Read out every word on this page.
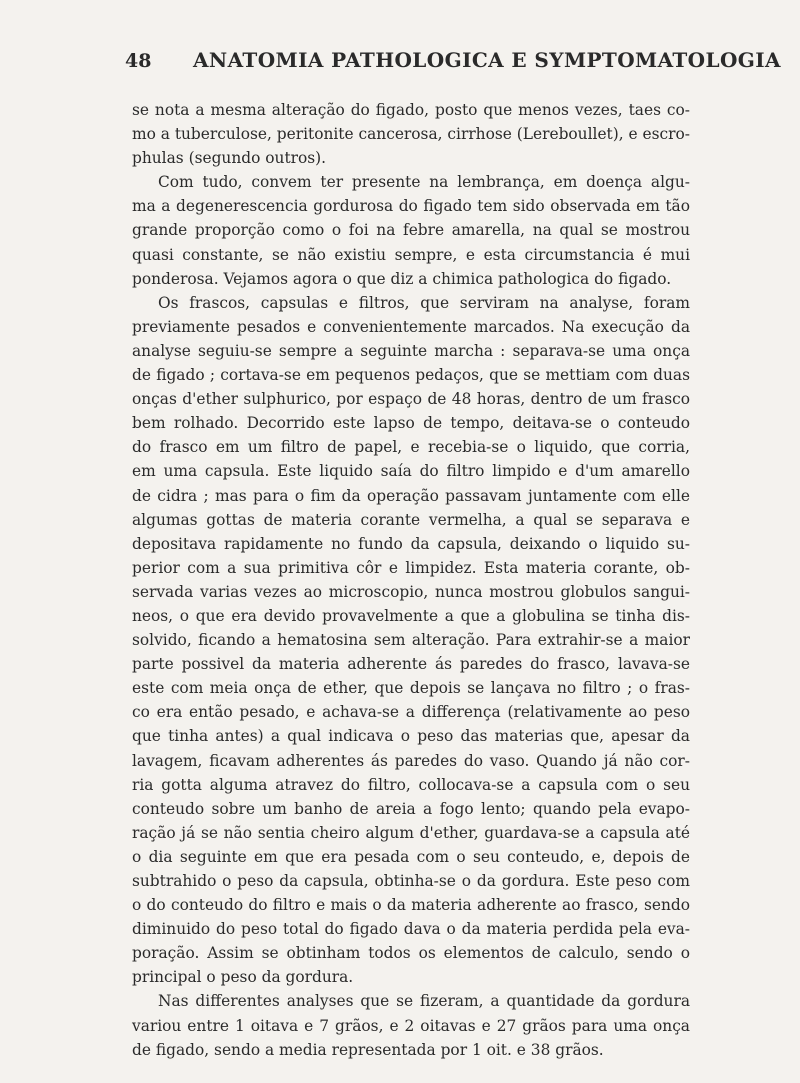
48 ANATOMIA PATHOLOGICA E SYMPTOMATOLOGIA
se nota a mesma alteração do figado, posto que menos vezes, taes co-
mo a tuberculose, peritonite cancerosa, cirrhose (Lereboullet), e escro-
phulas (segundo outros).
Com tudo, convem ter presente na lembrança, em doença algu-
ma a degenerescencia gordurosa do figado tem sido observada em tão
grande proporção como o foi na febre amarella, na qual se mostrou
quasi constante, se não existiu sempre, e esta circumstancia é mui
ponderosa. Vejamos agora o que diz a chimica pathologica do figado.
Os frascos, capsulas e filtros, que serviram na analyse, foram
previamente pesados e convenientemente marcados. Na execução da
analyse seguiu-se sempre a seguinte marcha : separava-se uma onça
de figado ; cortava-se em pequenos pedaços, que se mettiam com duas
onças d'ether sulphurico, por espaço de 48 horas, dentro de um frasco
bem rolhado. Decorrido este lapso de tempo, deitava-se o conteudo
do frasco em um filtro de papel, e recebia-se o liquido, que corria,
em uma capsula. Este liquido saía do filtro limpido e d'um amarello
de cidra ; mas para o fim da operação passavam juntamente com elle
algumas gottas de materia corante vermelha, a qual se separava e
depositava rapidamente no fundo da capsula, deixando o liquido su-
perior com a sua primitiva côr e limpidez. Esta materia corante, ob-
servada varias vezes ao microscopio, nunca mostrou globulos sangui-
neos, o que era devido provavelmente a que a globulina se tinha dis-
solvido, ficando a hematosina sem alteração. Para extrahir-se a maior
parte possivel da materia adherente ás paredes do frasco, lavava-se
este com meia onça de ether, que depois se lançava no filtro ; o fras-
co era então pesado, e achava-se a differença (relativamente ao peso
que tinha antes) a qual indicava o peso das materias que, apesar da
lavagem, ficavam adherentes ás paredes do vaso. Quando já não cor-
ria gotta alguma atravez do filtro, collocava-se a capsula com o seu
conteudo sobre um banho de areia a fogo lento; quando pela evapo-
ração já se não sentia cheiro algum d'ether, guardava-se a capsula até
o dia seguinte em que era pesada com o seu conteudo, e, depois de
subtrahido o peso da capsula, obtinha-se o da gordura. Este peso com
o do conteudo do filtro e mais o da materia adherente ao frasco, sendo
diminuido do peso total do figado dava o da materia perdida pela eva-
poração. Assim se obtinham todos os elementos de calculo, sendo o
principal o peso da gordura.
Nas differentes analyses que se fizeram, a quantidade da gordura
variou entre 1 oitava e 7 grãos, e 2 oitavas e 27 grãos para uma onça
de figado, sendo a media representada por 1 oit. e 38 grãos.
